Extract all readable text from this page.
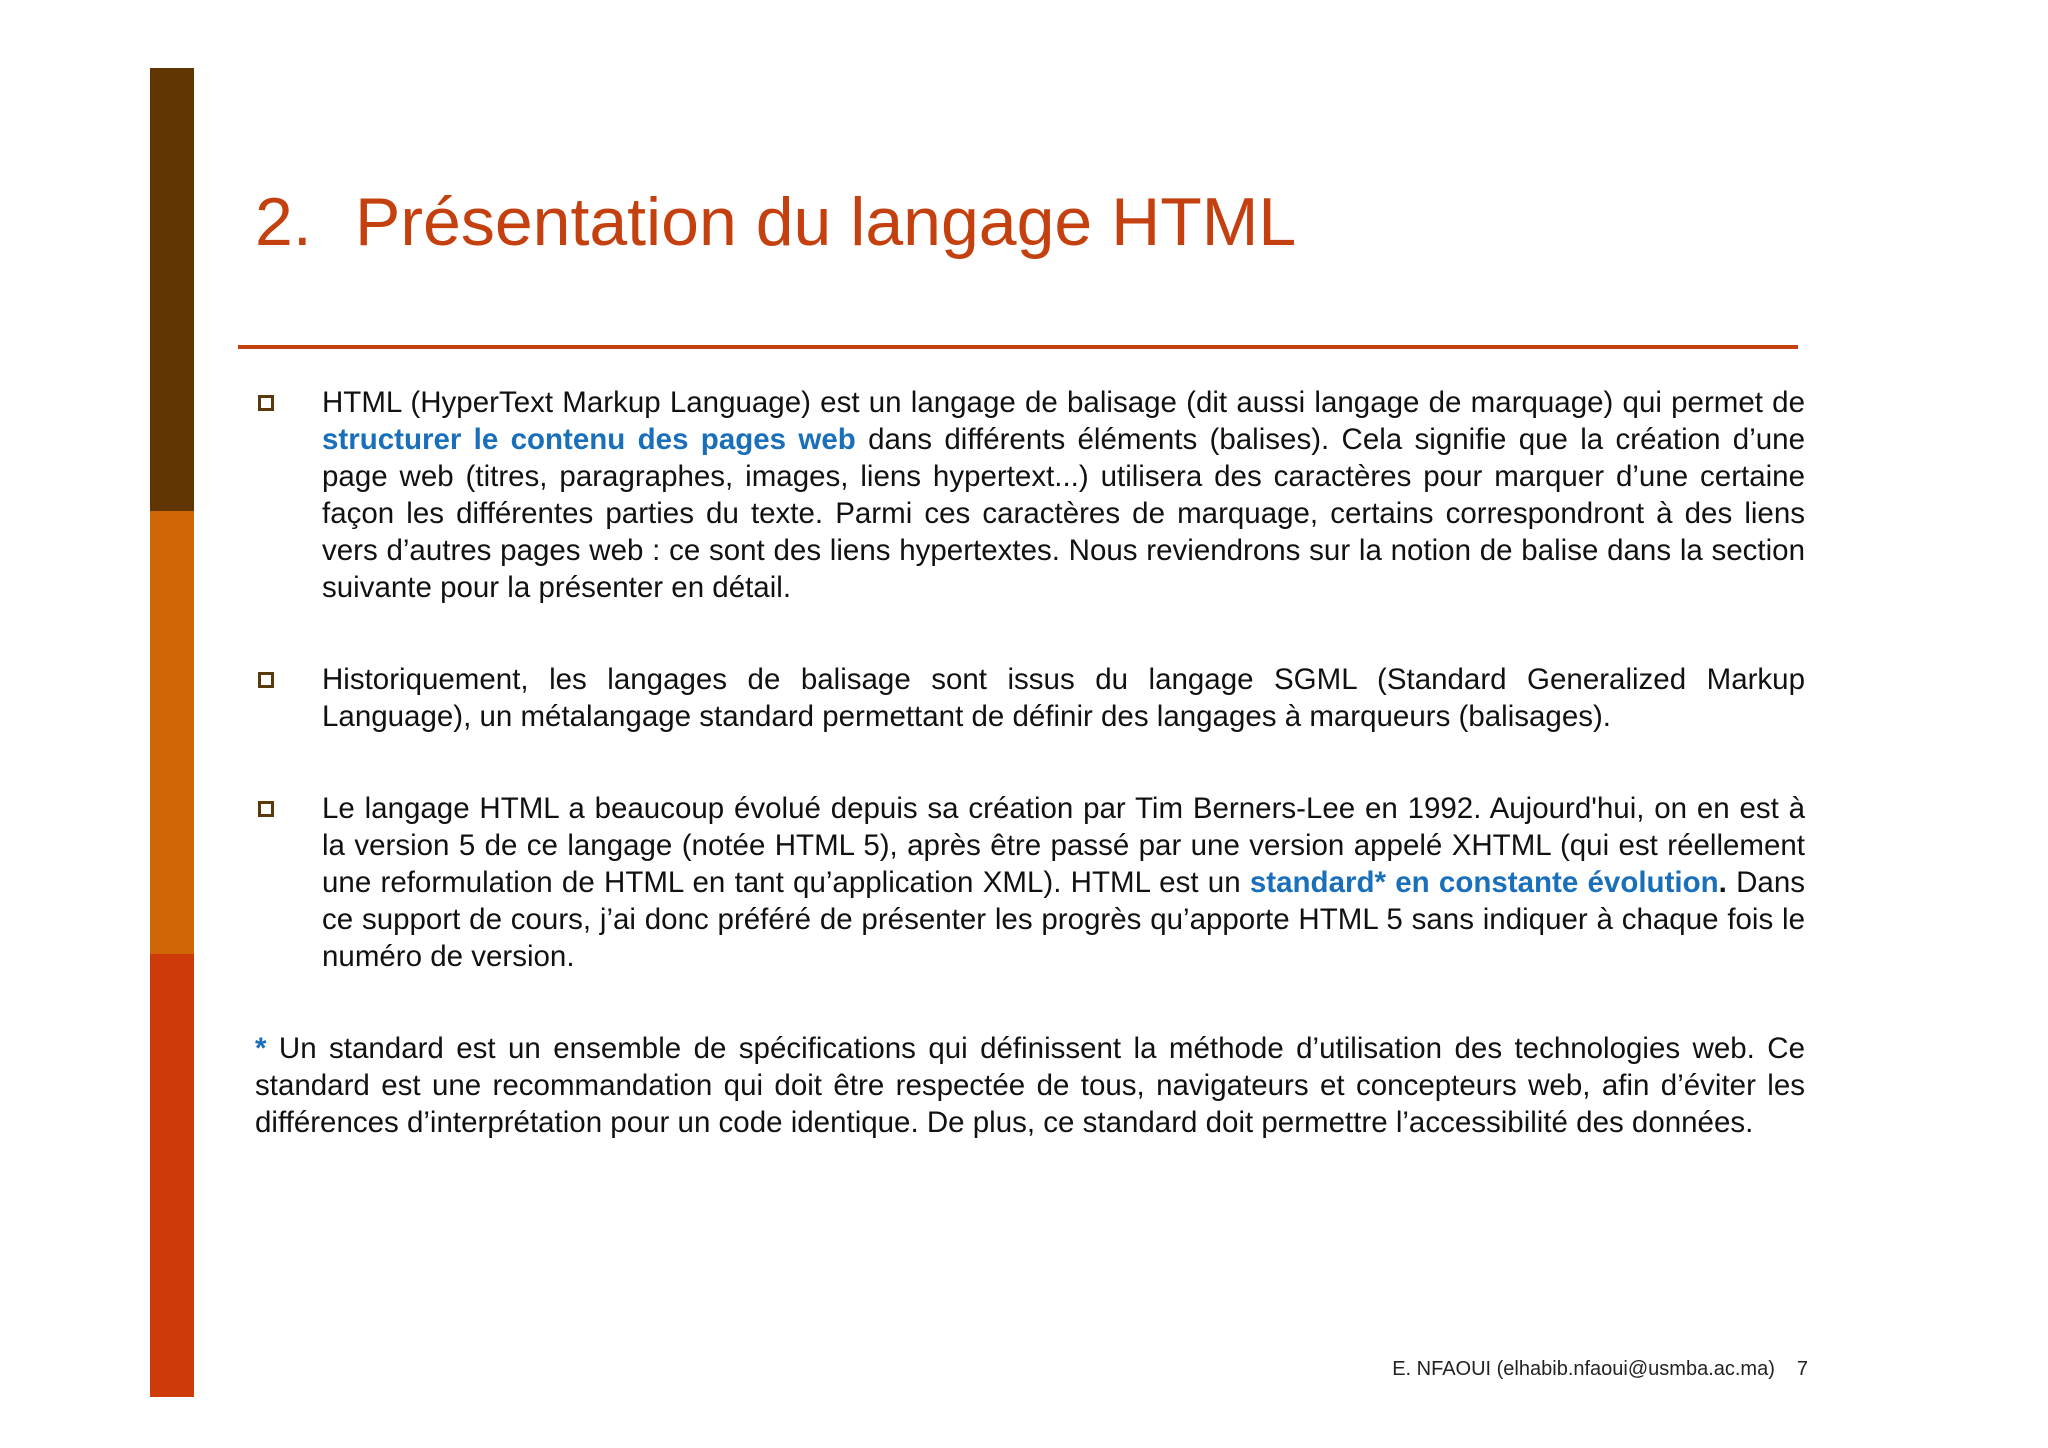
2. Présentation du langage HTML
HTML (HyperText Markup Language) est un langage de balisage (dit aussi langage de marquage) qui permet de structurer le contenu des pages web dans différents éléments (balises). Cela signifie que la création d’une page web (titres, paragraphes, images, liens hypertext...) utilisera des caractères pour marquer d’une certaine façon les différentes parties du texte. Parmi ces caractères de marquage, certains correspondront à des liens vers d’autres pages web : ce sont des liens hypertextes. Nous reviendrons sur la notion de balise dans la section suivante pour la présenter en détail.
Historiquement, les langages de balisage sont issus du langage SGML (Standard Generalized Markup Language), un métalangage standard permettant de définir des langages à marqueurs (balisages).
Le langage HTML a beaucoup évolué depuis sa création par Tim Berners-Lee en 1992. Aujourd'hui, on en est à la version 5 de ce langage (notée HTML 5), après être passé par une version appelé XHTML (qui est réellement une reformulation de HTML en tant qu’application XML). HTML est un standard* en constante évolution. Dans ce support de cours, j’ai donc préféré de présenter les progrès qu’apporte HTML 5 sans indiquer à chaque fois le numéro de version.
* Un standard est un ensemble de spécifications qui définissent la méthode d’utilisation des technologies web. Ce standard est une recommandation qui doit être respectée de tous, navigateurs et concepteurs web, afin d’éviter les différences d’interprétation pour un code identique. De plus, ce standard doit permettre l’accessibilité des données.
E. NFAOUI (elhabib.nfaoui@usmba.ac.ma) 7
